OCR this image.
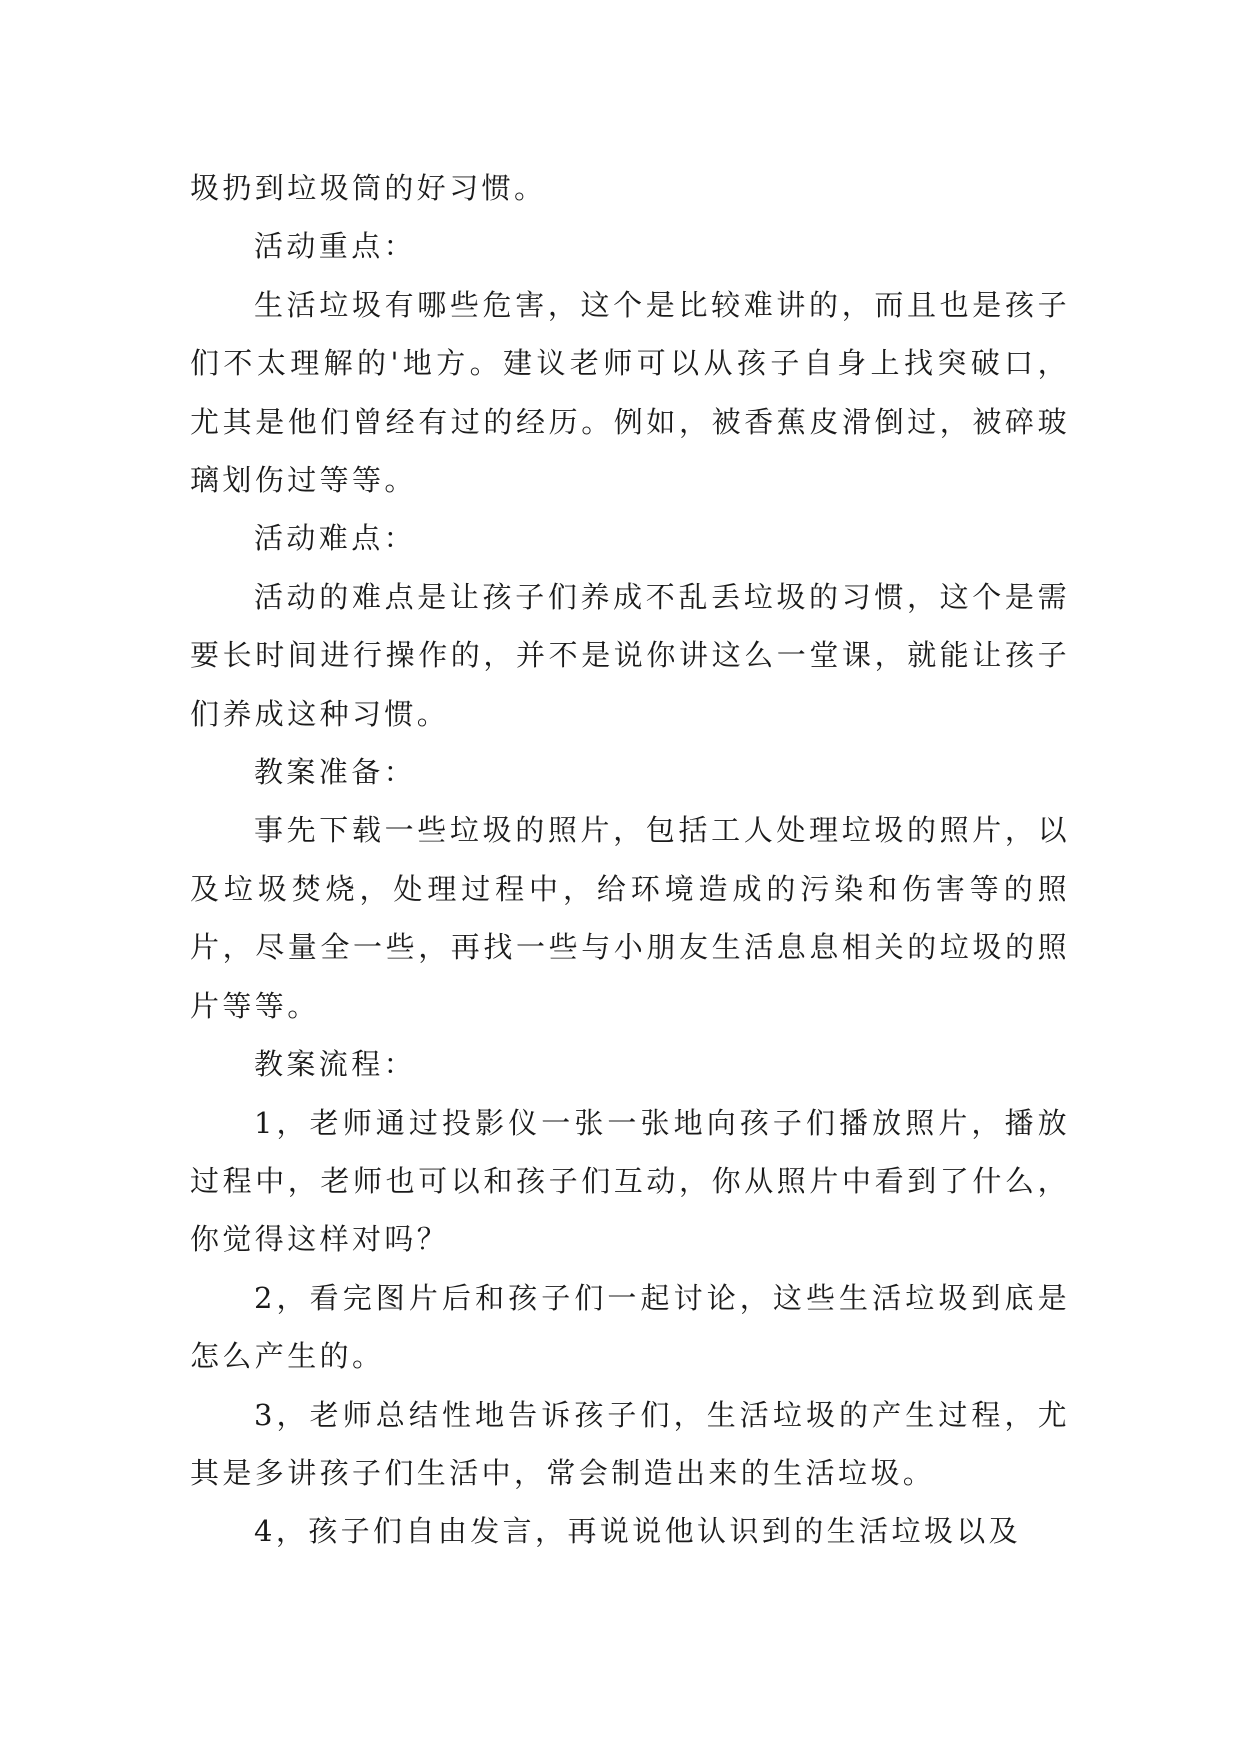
圾扔到垃圾筒的好习惯。

活动重点：

生活垃圾有哪些危害，这个是比较难讲的，而且也是孩子们不太理解的'地方。建议老师可以从孩子自身上找突破口，尤其是他们曾经有过的经历。例如，被香蕉皮滑倒过，被碎玻璃划伤过等等。

活动难点：

活动的难点是让孩子们养成不乱丢垃圾的习惯，这个是需要长时间进行操作的，并不是说你讲这么一堂课，就能让孩子们养成这种习惯。

教案准备：

事先下载一些垃圾的照片，包括工人处理垃圾的照片，以及垃圾焚烧，处理过程中，给环境造成的污染和伤害等的照片，尽量全一些，再找一些与小朋友生活息息相关的垃圾的照片等等。

教案流程：

1，老师通过投影仪一张一张地向孩子们播放照片，播放过程中，老师也可以和孩子们互动，你从照片中看到了什么，你觉得这样对吗？

2，看完图片后和孩子们一起讨论，这些生活垃圾到底是怎么产生的。

3，老师总结性地告诉孩子们，生活垃圾的产生过程，尤其是多讲孩子们生活中，常会制造出来的生活垃圾。

4，孩子们自由发言，再说说他认识到的生活垃圾以及
